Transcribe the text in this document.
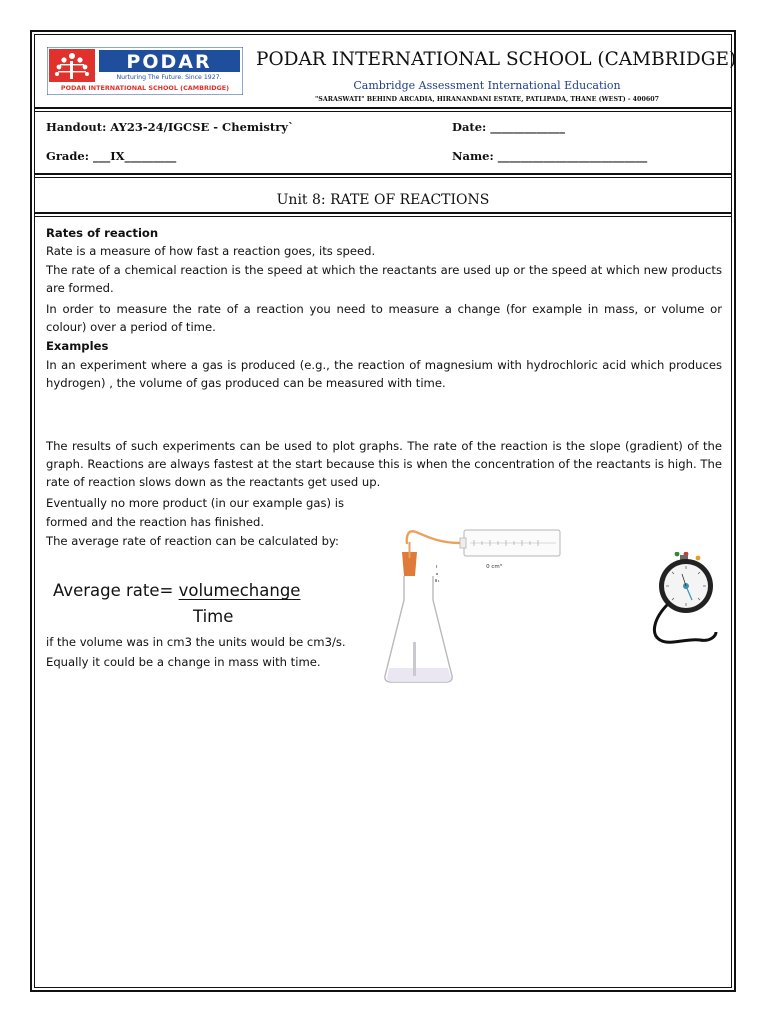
PODAR
Nurturing The Future. Since 1927.
PODAR INTERNATIONAL SCHOOL (CAMBRIDGE)
PODAR INTERNATIONAL SCHOOL (CAMBRIDGE)
Cambridge Assessment International Education
"SARASWATI" BEHIND ARCADIA, HIRANANDANI ESTATE, PATLIPADA, THANE (WEST) - 400607
Handout: AY23-24/IGCSE - Chemistry`	Date: _____________
Grade: ___IX_________	Name: __________________________
Unit 8: RATE OF REACTIONS
Rates of reaction
Rate is a measure of how fast a reaction goes, its speed.
The rate of a chemical reaction is the speed at which the reactants are used up or the speed at which new products are formed.
In order to measure the rate of a reaction you need to measure a change (for example in mass, or volume or colour) over a period of time.
Examples
In an experiment where a gas is produced (e.g., the reaction of magnesium with hydrochloric acid which produces hydrogen) , the volume of gas produced can be measured with time.
The results of such experiments can be used to plot graphs. The rate of the reaction is the slope (gradient) of the graph. Reactions are always fastest at the start because this is when the concentration of the reactants is high. The rate of reaction slows down as the reactants get used up.
Eventually no more product (in our example gas) is
formed and the reaction has finished.
The average rate of reaction can be calculated by:
Average rate= volumechange
Time
if the volume was in cm3 the units would be cm3/s.
Equally it could be a change in mass with time.
0 cm³
